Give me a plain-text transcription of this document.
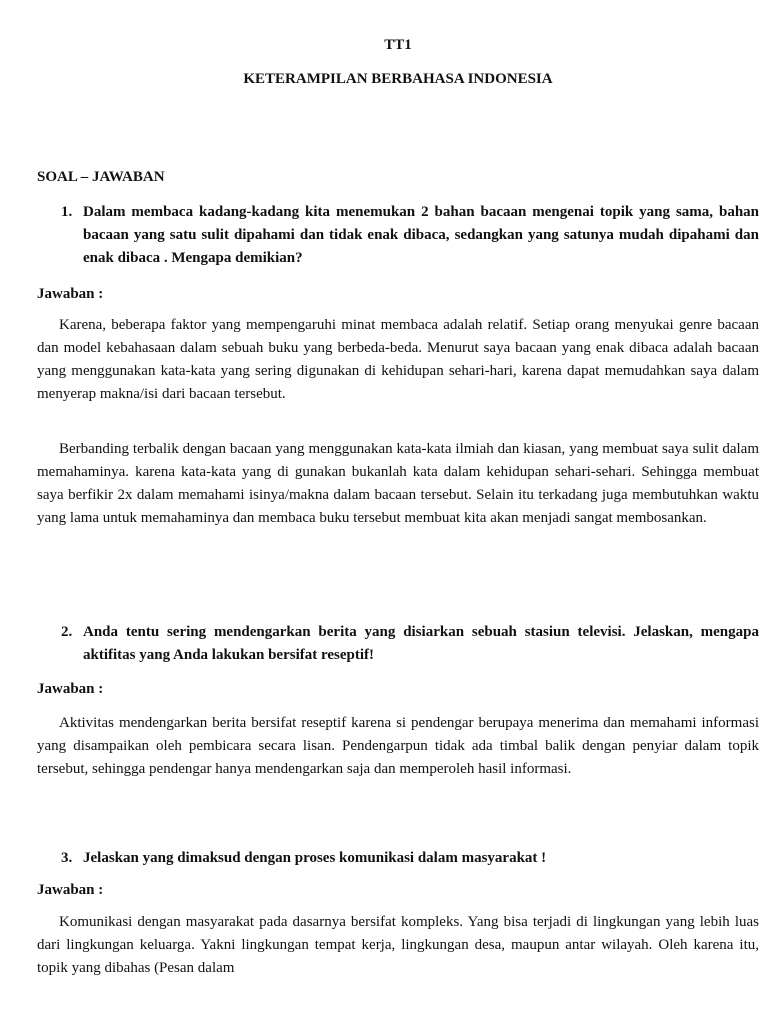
TT1
KETERAMPILAN BERBAHASA INDONESIA
SOAL – JAWABAN
1. Dalam membaca kadang-kadang kita menemukan 2 bahan bacaan mengenai topik yang sama, bahan bacaan yang satu sulit dipahami dan tidak enak dibaca, sedangkan yang satunya mudah dipahami dan enak dibaca . Mengapa demikian?
Jawaban :

Karena, beberapa faktor yang mempengaruhi minat membaca adalah relatif. Setiap orang menyukai genre bacaan dan model kebahasaan dalam sebuah buku yang berbeda-beda. Menurut saya bacaan yang enak dibaca adalah bacaan yang menggunakan kata-kata yang sering digunakan di kehidupan sehari-hari, karena dapat memudahkan saya dalam menyerap makna/isi dari bacaan tersebut.

Berbanding terbalik dengan bacaan yang menggunakan kata-kata ilmiah dan kiasan, yang membuat saya sulit dalam memahaminya. karena kata-kata yang di gunakan bukanlah kata dalam kehidupan sehari-sehari. Sehingga membuat saya berfikir 2x dalam memahami isinya/makna dalam bacaan tersebut. Selain itu terkadang juga membutuhkan waktu yang lama untuk memahaminya dan membaca buku tersebut membuat kita akan menjadi sangat membosankan.

2. Anda tentu sering mendengarkan berita yang disiarkan sebuah stasiun televisi. Jelaskan, mengapa aktifitas yang Anda lakukan bersifat reseptif!
Jawaban :

Aktivitas mendengarkan berita bersifat reseptif karena si pendengar berupaya menerima dan memahami informasi yang disampaikan oleh pembicara secara lisan. Pendengarpun tidak ada timbal balik dengan penyiar dalam topik tersebut, sehingga pendengar hanya mendengarkan saja dan memperoleh hasil informasi.

3. Jelaskan yang dimaksud dengan proses komunikasi dalam masyarakat !
Jawaban :

Komunikasi dengan masyarakat pada dasarnya bersifat kompleks. Yang bisa terjadi di lingkungan yang lebih luas dari lingkungan keluarga. Yakni lingkungan tempat kerja, lingkungan desa, maupun antar wilayah. Oleh karena itu, topik yang dibahas (Pesan dalam
